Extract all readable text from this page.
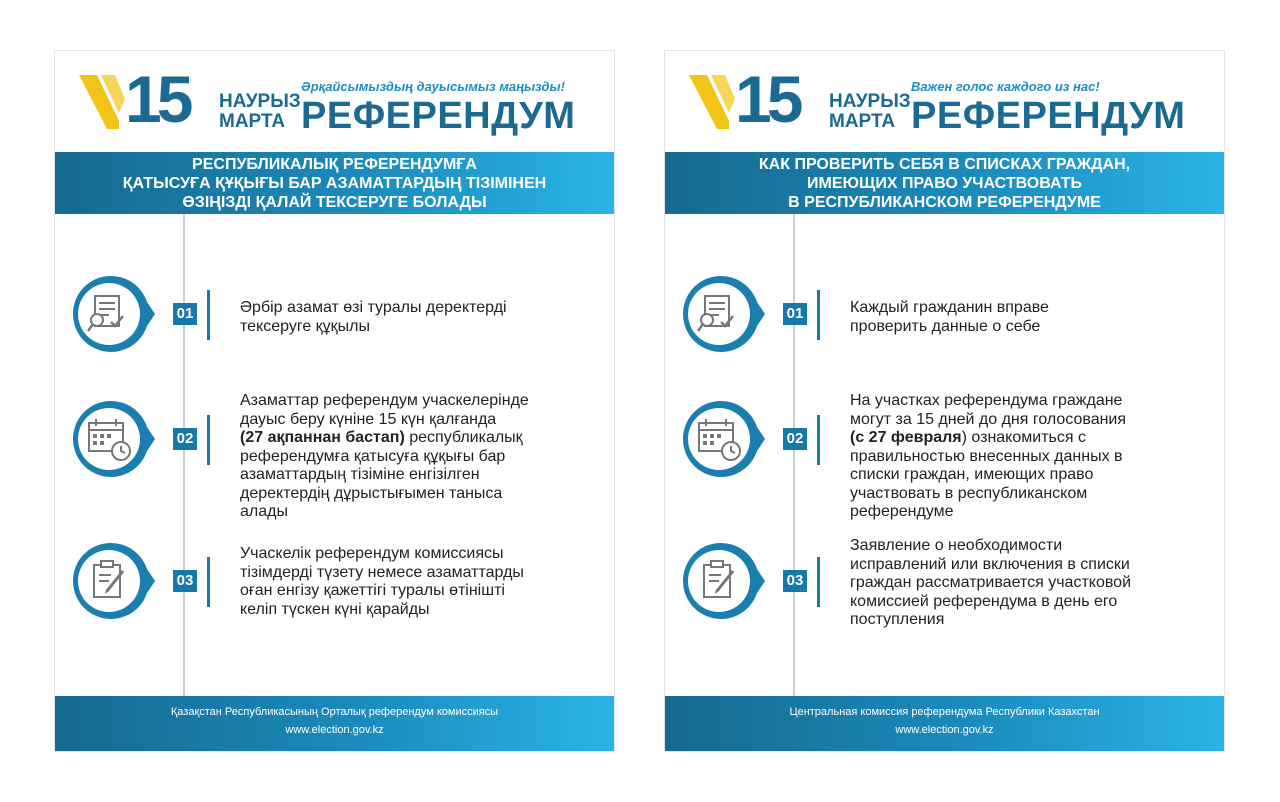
15 НАУРЫЗ
МАРТА
Әрқайсымыздың дауысымыз маңызды!
РЕФЕРЕНДУМ
РЕСПУБЛИКАЛЫҚ РЕФЕРЕНДУМҒА
ҚАТЫСУҒА ҚҰҚЫҒЫ БАР АЗАМАТТАРДЫҢ ТІЗІМІНЕН
ӨЗІҢІЗДІ ҚАЛАЙ ТЕКСЕРУГЕ БОЛАДЫ
01	Әрбір азамат өзі туралы деректерді
тексеруге құқылы
02
Азаматтар референдум учаскелерінде
дауыс беру күніне 15 күн қалғанда
(27 ақпаннан бастап) республикалық
референдумға қатысуға құқығы бар
азаматтардың тізіміне енгізілген
деректердің дұрыстығымен таныса
алады
03
Учаскелік референдум комиссиясы
тізімдерді түзету немесе азаматтарды
оған енгізу қажеттігі туралы өтінішті
келіп түскен күні қарайды
Қазақстан Республикасының Орталық референдум комиссиясы
www.election.gov.kz
15 НАУРЫЗ
МАРТА
Важен голос каждого из нас!
РЕФЕРЕНДУМ
КАК ПРОВЕРИТЬ СЕБЯ В СПИСКАХ ГРАЖДАН,
ИМЕЮЩИХ ПРАВО УЧАСТВОВАТЬ
В РЕСПУБЛИКАНСКОМ РЕФЕРЕНДУМЕ
01	Каждый гражданин вправе
проверить данные о себе
02
На участках референдума граждане
могут за 15 дней до дня голосования
(с 27 февраля) ознакомиться с
правильностью внесенных данных в
списки граждан, имеющих право
участвовать в республиканском
референдуме
03
Заявление о необходимости
исправлений или включения в списки
граждан рассматривается участковой
комиссией референдума в день его
поступления
Центральная комиссия референдума Республики Казахстан
www.election.gov.kz
